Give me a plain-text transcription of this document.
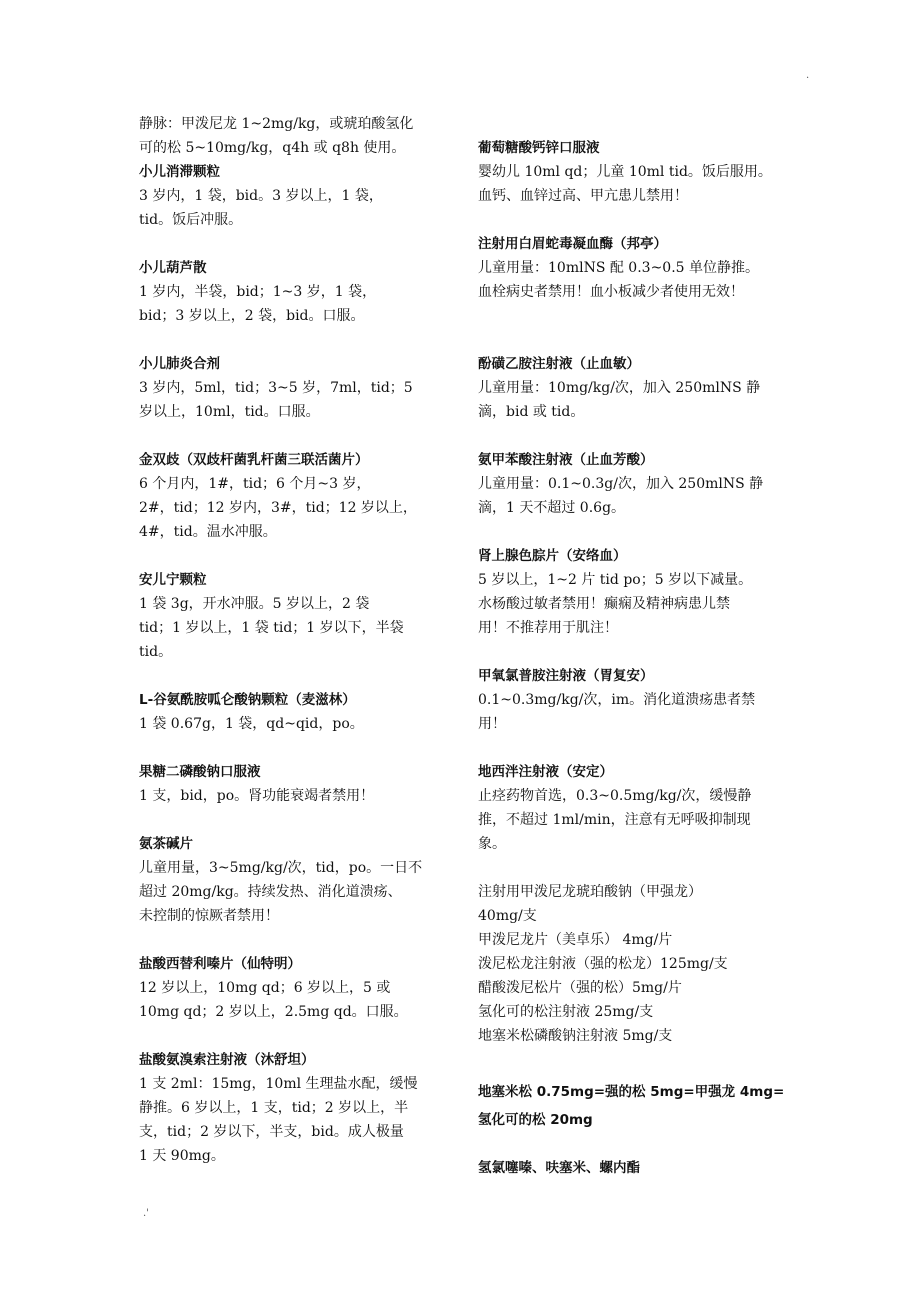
.
.'
静脉：甲泼尼龙 1~2mg/kg，或琥珀酸氢化
可的松 5~10mg/kg，q4h 或 q8h 使用。
小儿消滞颗粒
3 岁内，1 袋，bid。3 岁以上，1 袋，
tid。饭后冲服。
小儿葫芦散
1 岁内，半袋，bid；1~3 岁，1 袋，
bid；3 岁以上，2 袋，bid。口服。
小儿肺炎合剂
3 岁内，5ml，tid；3~5 岁，7ml，tid；5
岁以上，10ml，tid。口服。
金双歧（双歧杆菌乳杆菌三联活菌片）
6 个月内，1#，tid；6 个月~3 岁，
2#，tid；12 岁内，3#，tid；12 岁以上，
4#，tid。温水冲服。
安儿宁颗粒
1 袋 3g，开水冲服。5 岁以上，2 袋
tid；1 岁以上，1 袋 tid；1 岁以下，半袋
tid。
L-谷氨酰胺呱仑酸钠颗粒（麦滋林）
1 袋 0.67g，1 袋，qd~qid，po。
果糖二磷酸钠口服液
1 支，bid，po。肾功能衰竭者禁用！
氨茶碱片
儿童用量，3~5mg/kg/次，tid，po。一日不
超过 20mg/kg。持续发热、消化道溃疡、
未控制的惊厥者禁用！
盐酸西替利嗪片（仙特明）
12 岁以上，10mg qd；6 岁以上，5 或
10mg qd；2 岁以上，2.5mg qd。口服。
盐酸氨溴索注射液（沐舒坦）
1 支 2ml：15mg，10ml 生理盐水配，缓慢
静推。6 岁以上，1 支，tid；2 岁以上，半
支，tid；2 岁以下，半支，bid。成人极量
1 天 90mg。
葡萄糖酸钙锌口服液
婴幼儿 10ml qd；儿童 10ml tid。饭后服用。
血钙、血锌过高、甲亢患儿禁用！
注射用白眉蛇毒凝血酶（邦亭）
儿童用量：10mlNS 配 0.3~0.5 单位静推。
血栓病史者禁用！血小板减少者使用无效！
酚磺乙胺注射液（止血敏）
儿童用量：10mg/kg/次，加入 250mlNS 静
滴，bid 或 tid。
氨甲苯酸注射液（止血芳酸）
儿童用量：0.1~0.3g/次，加入 250mlNS 静
滴，1 天不超过 0.6g。
肾上腺色腙片（安络血）
5 岁以上，1~2 片 tid po；5 岁以下减量。
水杨酸过敏者禁用！癫痫及精神病患儿禁
用！不推荐用于肌注！
甲氧氯普胺注射液（胃复安）
0.1~0.3mg/kg/次，im。消化道溃疡患者禁
用！
地西泮注射液（安定）
止痉药物首选，0.3~0.5mg/kg/次，缓慢静
推，不超过 1ml/min，注意有无呼吸抑制现
象。
注射用甲泼尼龙琥珀酸钠（甲强龙）
40mg/支
甲泼尼龙片（美卓乐） 4mg/片
泼尼松龙注射液（强的松龙）125mg/支
醋酸泼尼松片（强的松）5mg/片
氢化可的松注射液 25mg/支
地塞米松磷酸钠注射液 5mg/支
地塞米松 0.75mg=强的松 5mg=甲强龙 4mg=
氢化可的松 20mg
氢氯噻嗪、呋塞米、螺内酯
